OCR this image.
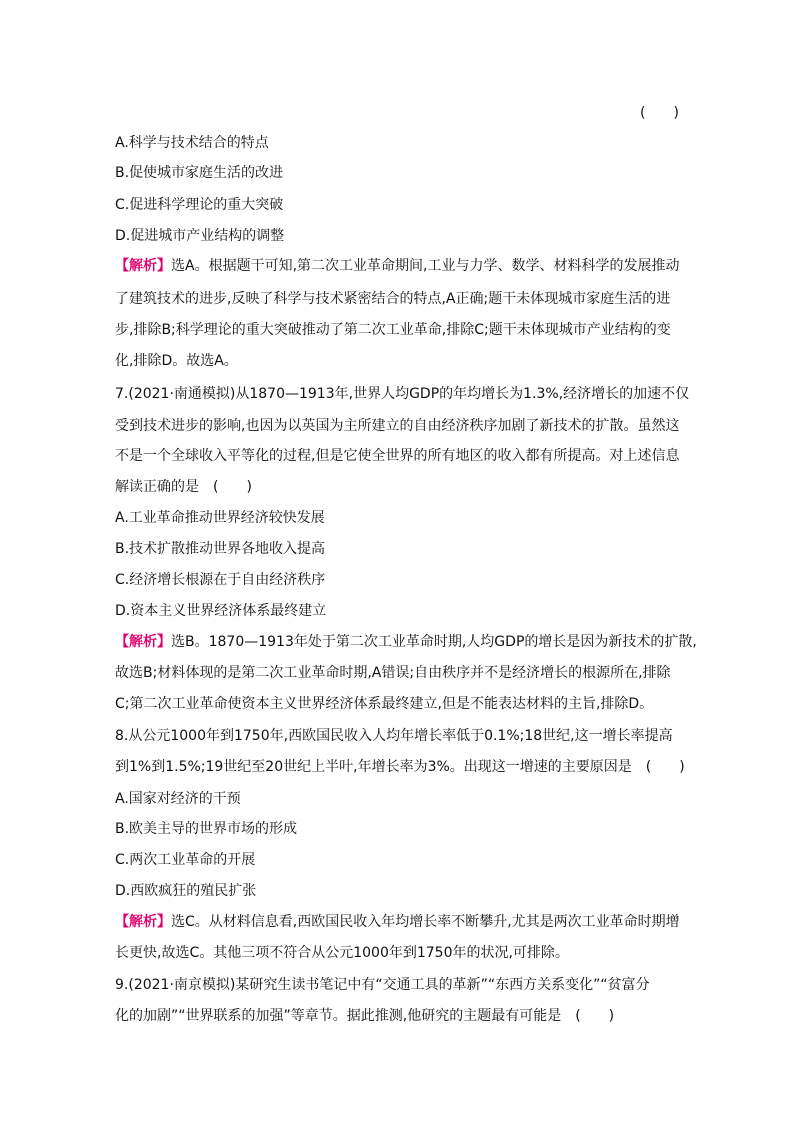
(　　)
A.科学与技术结合的特点
B.促使城市家庭生活的改进
C.促进科学理论的重大突破
D.促进城市产业结构的调整
【解析】选A。根据题干可知,第二次工业革命期间,工业与力学、数学、材料科学的发展推动
了建筑技术的进步,反映了科学与技术紧密结合的特点,A正确;题干未体现城市家庭生活的进
步,排除B;科学理论的重大突破推动了第二次工业革命,排除C;题干未体现城市产业结构的变
化,排除D。故选A。
7.(2021·南通模拟)从1870—1913年,世界人均GDP的年均增长为1.3%,经济增长的加速不仅
受到技术进步的影响,也因为以英国为主所建立的自由经济秩序加剧了新技术的扩散。虽然这
不是一个全球收入平等化的过程,但是它使全世界的所有地区的收入都有所提高。对上述信息
解读正确的是　(　　)
A.工业革命推动世界经济较快发展
B.技术扩散推动世界各地收入提高
C.经济增长根源在于自由经济秩序
D.资本主义世界经济体系最终建立
【解析】选B。1870—1913年处于第二次工业革命时期,人均GDP的增长是因为新技术的扩散,
故选B;材料体现的是第二次工业革命时期,A错误;自由秩序并不是经济增长的根源所在,排除
C;第二次工业革命使资本主义世界经济体系最终建立,但是不能表达材料的主旨,排除D。
8.从公元1000年到1750年,西欧国民收入人均年增长率低于0.1%;18世纪,这一增长率提高
到1%到1.5%;19世纪至20世纪上半叶,年增长率为3%。出现这一增速的主要原因是　(　　)
A.国家对经济的干预
B.欧美主导的世界市场的形成
C.两次工业革命的开展
D.西欧疯狂的殖民扩张
【解析】选C。从材料信息看,西欧国民收入年均增长率不断攀升,尤其是两次工业革命时期增
长更快,故选C。其他三项不符合从公元1000年到1750年的状况,可排除。
9.(2021·南京模拟)某研究生读书笔记中有“交通工具的革新”“东西方关系变化”“贫富分
化的加剧”“世界联系的加强”等章节。据此推测,他研究的主题最有可能是　(　　)
